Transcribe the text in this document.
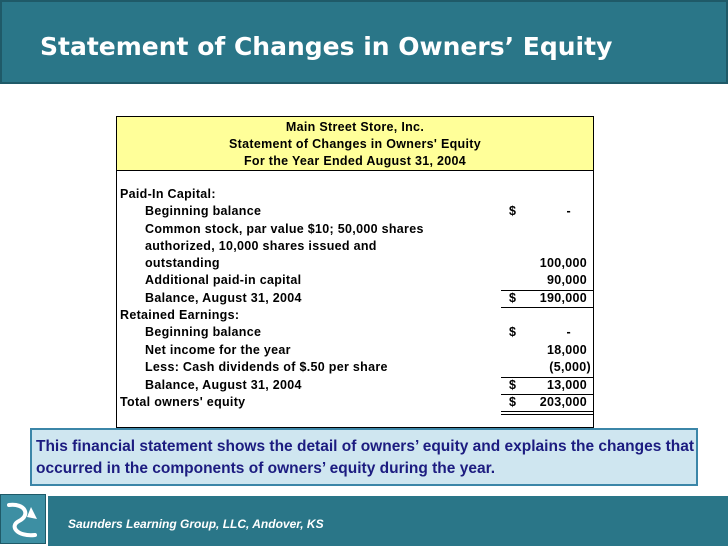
Statement of Changes in Owners’ Equity
Main Street Store, Inc.
Statement of Changes in Owners' Equity
For the Year Ended August 31, 2004
Paid-In Capital:
Beginning balance	$	-
Common stock, par value $10; 50,000 shares
authorized, 10,000 shares issued and
outstanding	100,000
Additional paid-in capital	90,000
Balance, August 31, 2004	$ 190,000
Retained Earnings:
Beginning balance	$	-
Net income for the year	18,000
Less: Cash dividends of $.50 per share	(5,000)
Balance, August 31, 2004	$ 13,000
Total owners' equity	$ 203,000
This financial statement shows the detail of owners’ equity and explains the changes that occurred in the components of owners’ equity during the year.
Saunders Learning Group, LLC, Andover, KS
